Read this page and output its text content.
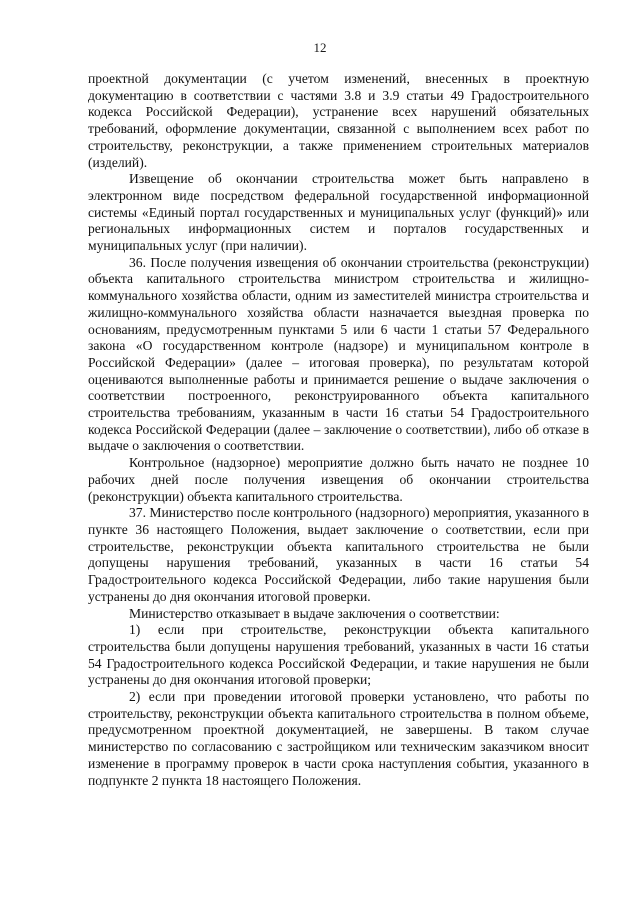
12

проектной документации (с учетом изменений, внесенных в проектную документацию в соответствии с частями 3.8 и 3.9 статьи 49 Градостроительного кодекса Российской Федерации), устранение всех нарушений обязательных требований, оформление документации, связанной с выполнением всех работ по строительству, реконструкции, а также применением строительных материалов (изделий).

Извещение об окончании строительства может быть направлено в электронном виде посредством федеральной государственной информационной системы «Единый портал государственных и муниципальных услуг (функций)» или региональных информационных систем и порталов государственных и муниципальных услуг (при наличии).

36. После получения извещения об окончании строительства (реконструкции) объекта капитального строительства министром строительства и жилищно-коммунального хозяйства области, одним из заместителей министра строительства и жилищно-коммунального хозяйства области назначается выездная проверка по основаниям, предусмотренным пунктами 5 или 6 части 1 статьи 57 Федерального закона «О государственном контроле (надзоре) и муниципальном контроле в Российской Федерации» (далее – итоговая проверка), по результатам которой оцениваются выполненные работы и принимается решение о выдаче заключения о соответствии построенного, реконструированного объекта капитального строительства требованиям, указанным в части 16 статьи 54 Градостроительного кодекса Российской Федерации (далее – заключение о соответствии), либо об отказе в выдаче о заключения о соответствии.

Контрольное (надзорное) мероприятие должно быть начато не позднее 10 рабочих дней после получения извещения об окончании строительства (реконструкции) объекта капитального строительства.

37. Министерство после контрольного (надзорного) мероприятия, указанного в пункте 36 настоящего Положения, выдает заключение о соответствии, если при строительстве, реконструкции объекта капитального строительства не были допущены нарушения требований, указанных в части 16 статьи 54 Градостроительного кодекса Российской Федерации, либо такие нарушения были устранены до дня окончания итоговой проверки.

Министерство отказывает в выдаче заключения о соответствии:

1) если при строительстве, реконструкции объекта капитального строительства были допущены нарушения требований, указанных в части 16 статьи 54 Градостроительного кодекса Российской Федерации, и такие нарушения не были устранены до дня окончания итоговой проверки;

2) если при проведении итоговой проверки установлено, что работы по строительству, реконструкции объекта капитального строительства в полном объеме, предусмотренном проектной документацией, не завершены. В таком случае министерство по согласованию с застройщиком или техническим заказчиком вносит изменение в программу проверок в части срока наступления события, указанного в подпункте 2 пункта 18 настоящего Положения.
